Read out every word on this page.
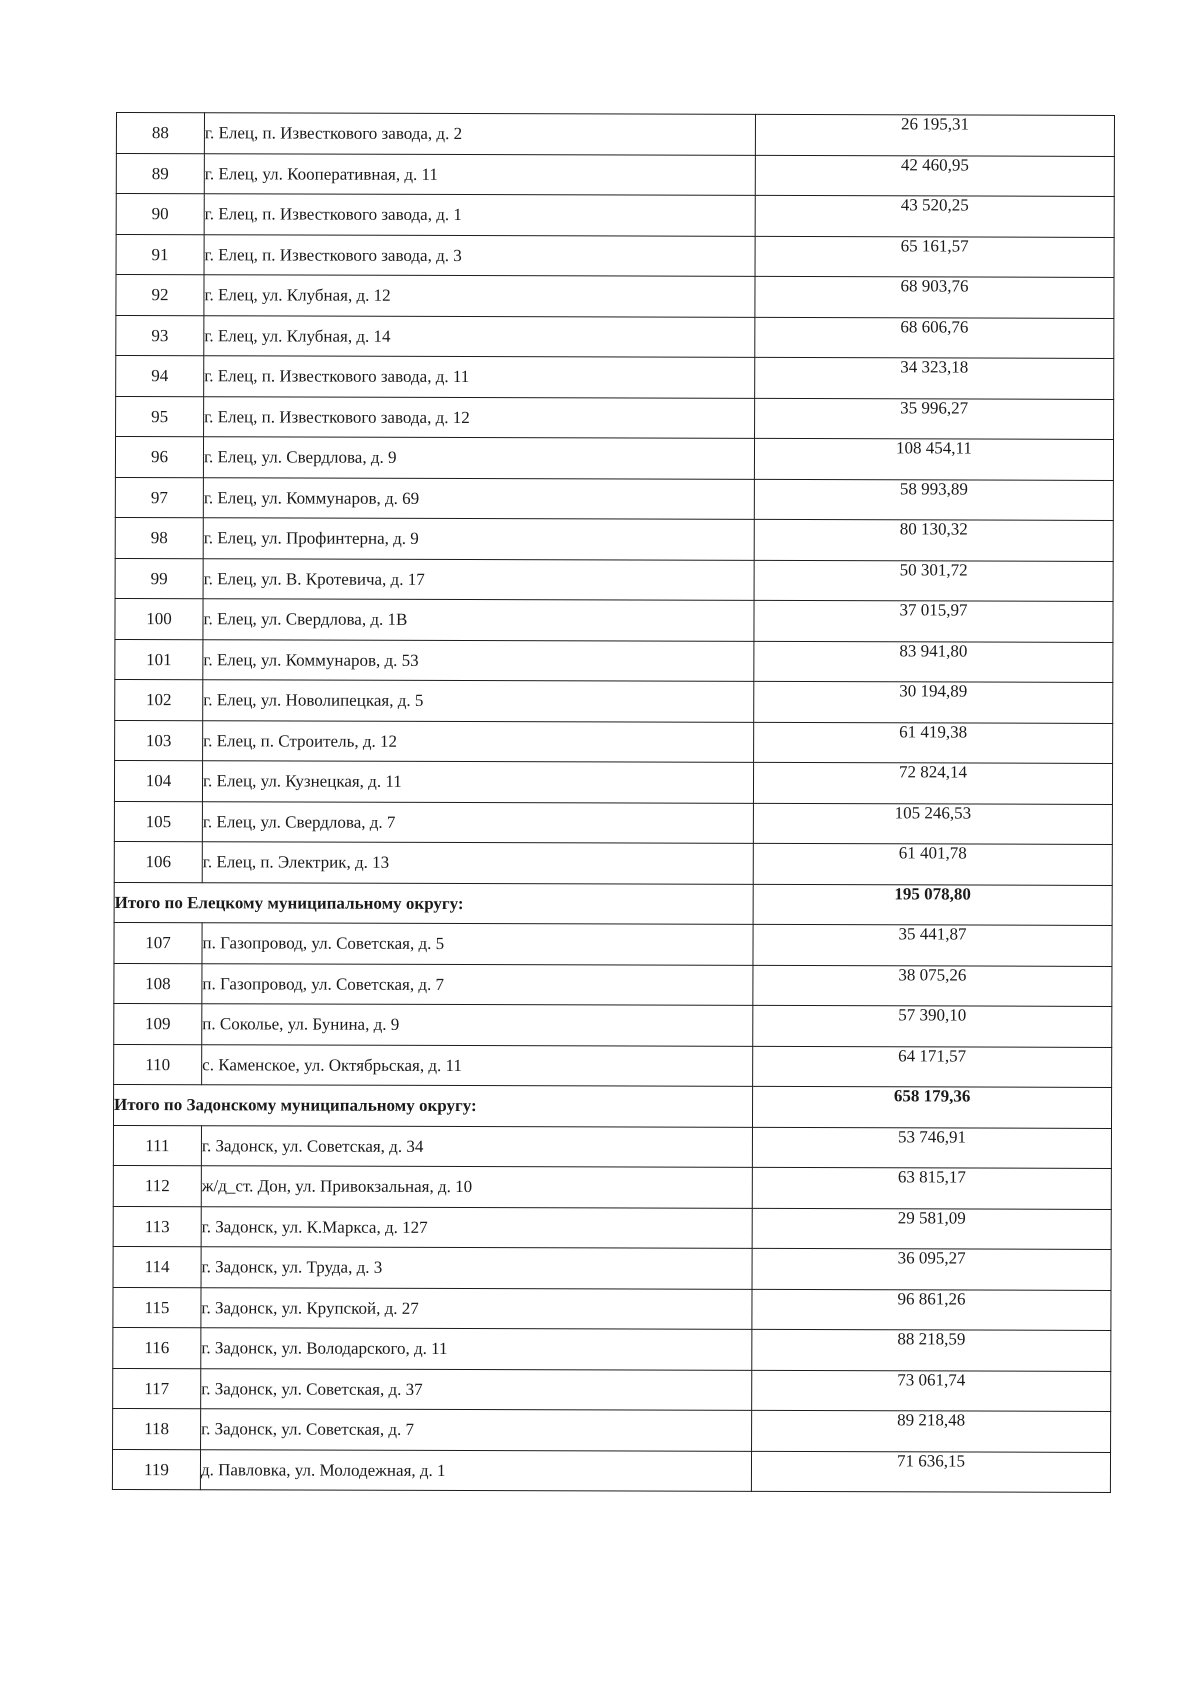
88	г. Елец, п. Известкового завода, д. 2	26 195,31
89	г. Елец, ул. Кооперативная, д. 11	42 460,95
90	г. Елец, п. Известкового завода, д. 1	43 520,25
91	г. Елец, п. Известкового завода, д. 3	65 161,57
92	г. Елец, ул. Клубная, д. 12	68 903,76
93	г. Елец, ул. Клубная, д. 14	68 606,76
94	г. Елец, п. Известкового завода, д. 11	34 323,18
95	г. Елец, п. Известкового завода, д. 12	35 996,27
96	г. Елец, ул. Свердлова, д. 9	108 454,11
97	г. Елец, ул. Коммунаров, д. 69	58 993,89
98	г. Елец, ул. Профинтерна, д. 9	80 130,32
99	г. Елец, ул. В. Кротевича, д. 17	50 301,72
100	г. Елец, ул. Свердлова, д. 1В	37 015,97
101	г. Елец, ул. Коммунаров, д. 53	83 941,80
102	г. Елец, ул. Новолипецкая, д. 5	30 194,89
103	г. Елец, п. Строитель, д. 12	61 419,38
104	г. Елец, ул. Кузнецкая, д. 11	72 824,14
105	г. Елец, ул. Свердлова, д. 7	105 246,53
106	г. Елец, п. Электрик, д. 13	61 401,78
Итого по Елецкому муниципальному округу:		195 078,80
107	п. Газопровод, ул. Советская, д. 5	35 441,87
108	п. Газопровод, ул. Советская, д. 7	38 075,26
109	п. Соколье, ул. Бунина, д. 9	57 390,10
110	с. Каменское, ул. Октябрьская, д. 11	64 171,57
Итого по Задонскому муниципальному округу:		658 179,36
111	г. Задонск, ул. Советская, д. 34	53 746,91
112	ж/д_ст. Дон, ул. Привокзальная, д. 10	63 815,17
113	г. Задонск, ул. К.Маркса, д. 127	29 581,09
114	г. Задонск, ул. Труда, д. 3	36 095,27
115	г. Задонск, ул. Крупской, д. 27	96 861,26
116	г. Задонск, ул. Володарского, д. 11	88 218,59
117	г. Задонск, ул. Советская, д. 37	73 061,74
118	г. Задонск, ул. Советская, д. 7	89 218,48
119	д. Павловка, ул. Молодежная, д. 1	71 636,15
